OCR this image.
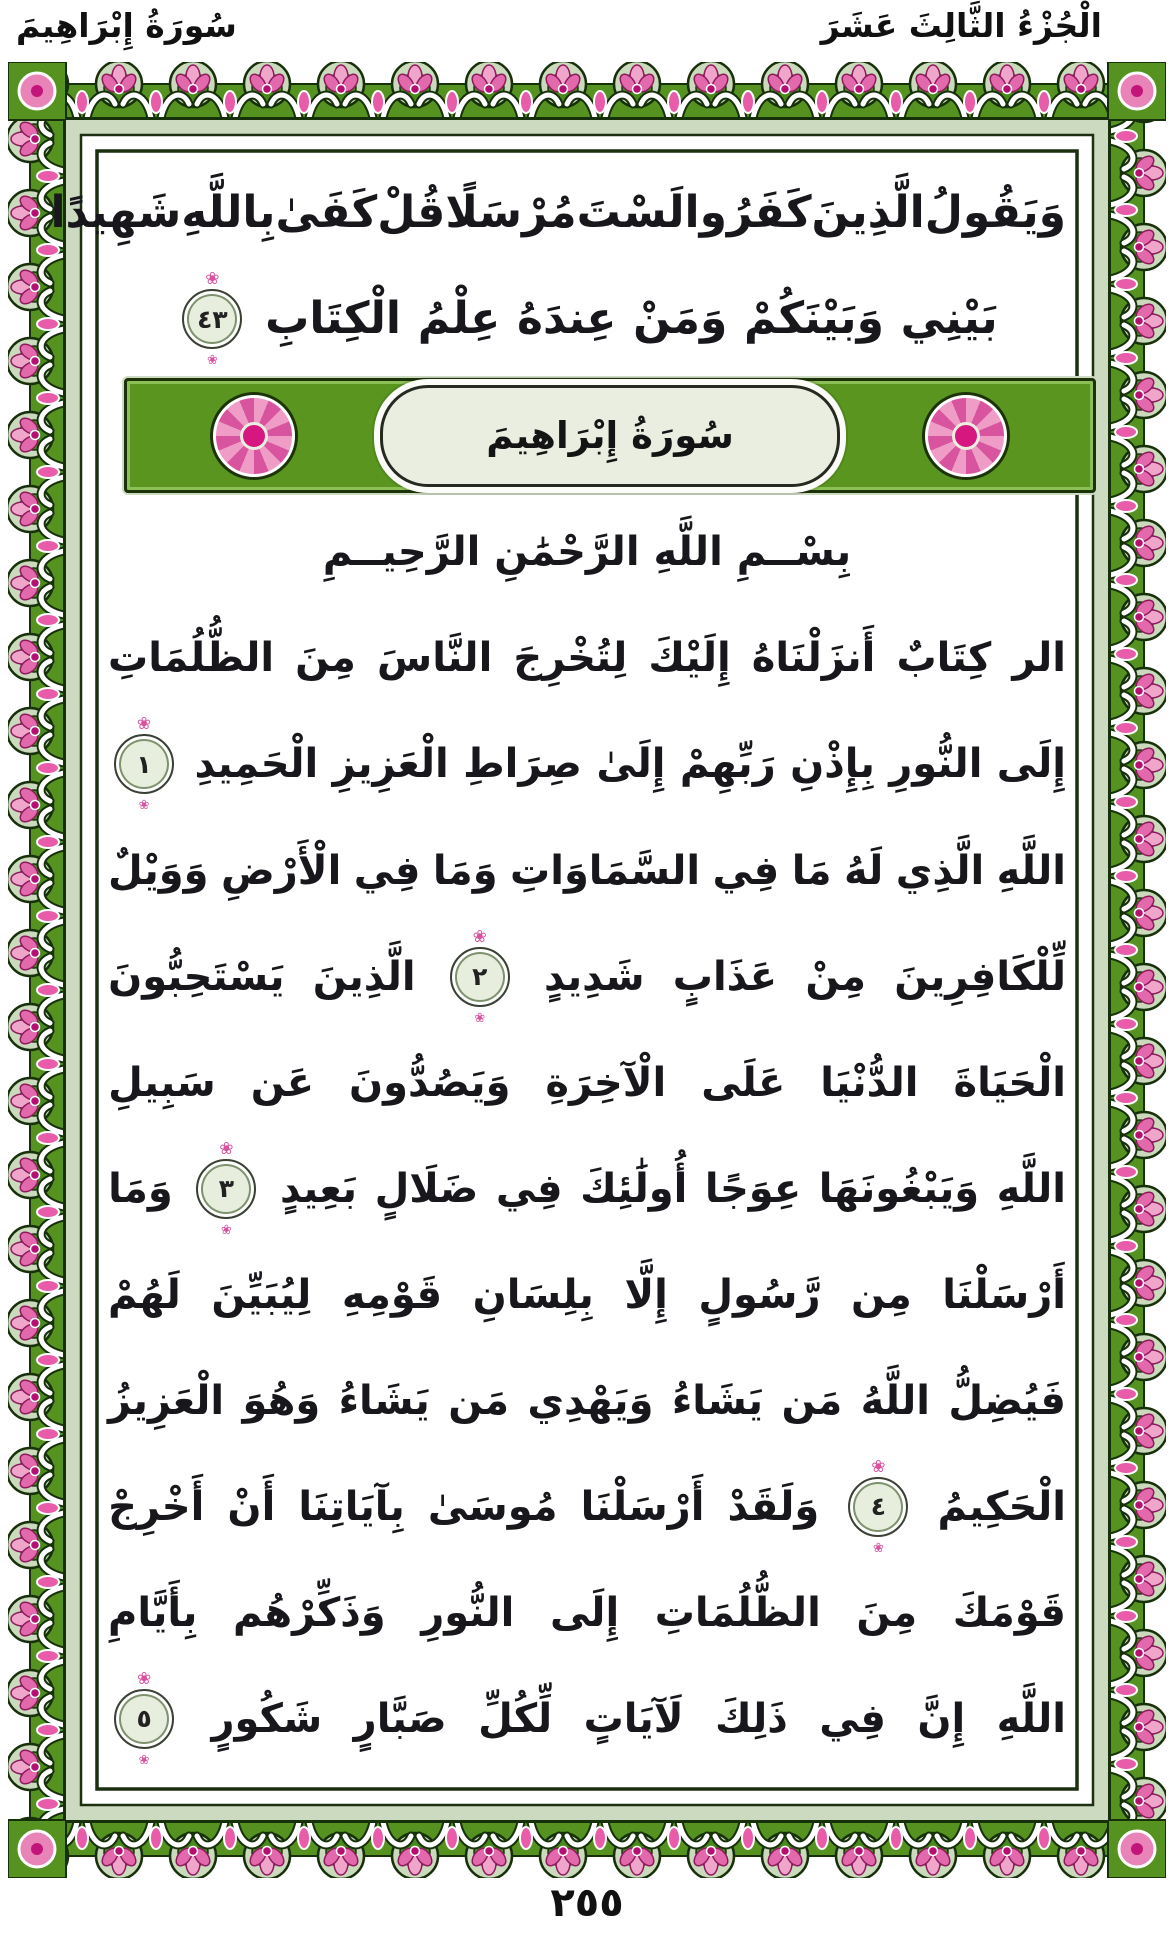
الْجُزْءُ الثَّالِثَ عَشَرَ
سُورَةُ إِبْرَاهِيمَ
وَيَقُولُ
الَّذِينَ
كَفَرُوا
لَسْتَ
مُرْسَلًا
قُلْ
كَفَىٰ
بِاللَّهِ
شَهِيدًا
بَيْنِي
وَبَيْنَكُمْ
وَمَنْ
عِندَهُ
عِلْمُ
الْكِتَابِ
❀ ٤٣
❀
سُورَةُ إِبْرَاهِيمَ
بِسْــمِ اللَّهِ الرَّحْمَٰنِ الرَّحِيــمِ
الر
كِتَابٌ
أَنزَلْنَاهُ
إِلَيْكَ
لِتُخْرِجَ
النَّاسَ
مِنَ
الظُّلُمَاتِ
إِلَى
النُّورِ
بِإِذْنِ
رَبِّهِمْ
إِلَىٰ
صِرَاطِ
الْعَزِيزِ
الْحَمِيدِ
❀ ١
❀
اللَّهِ
الَّذِي
لَهُ
مَا
فِي
السَّمَاوَاتِ
وَمَا
فِي
الْأَرْضِ
وَوَيْلٌ
لِّلْكَافِرِينَ
مِنْ
عَذَابٍ
شَدِيدٍ
❀ ٢
❀
الَّذِينَ
يَسْتَحِبُّونَ
الْحَيَاةَ
الدُّنْيَا
عَلَى
الْآخِرَةِ
وَيَصُدُّونَ
عَن
سَبِيلِ
اللَّهِ
وَيَبْغُونَهَا
عِوَجًا
أُولَٰئِكَ
فِي
ضَلَالٍ
بَعِيدٍ
❀ ٣
❀
وَمَا
أَرْسَلْنَا
مِن
رَّسُولٍ
إِلَّا
بِلِسَانِ
قَوْمِهِ
لِيُبَيِّنَ
لَهُمْ
فَيُضِلُّ
اللَّهُ
مَن
يَشَاءُ
وَيَهْدِي
مَن
يَشَاءُ
وَهُوَ
الْعَزِيزُ
الْحَكِيمُ
❀ ٤
❀
وَلَقَدْ
أَرْسَلْنَا
مُوسَىٰ
بِآيَاتِنَا
أَنْ
أَخْرِجْ
قَوْمَكَ
مِنَ
الظُّلُمَاتِ
إِلَى
النُّورِ
وَذَكِّرْهُم
بِأَيَّامِ
اللَّهِ
إِنَّ
فِي
ذَلِكَ
لَآيَاتٍ
لِّكُلِّ
صَبَّارٍ
شَكُورٍ
❀ ٥
❀
٢٥٥
